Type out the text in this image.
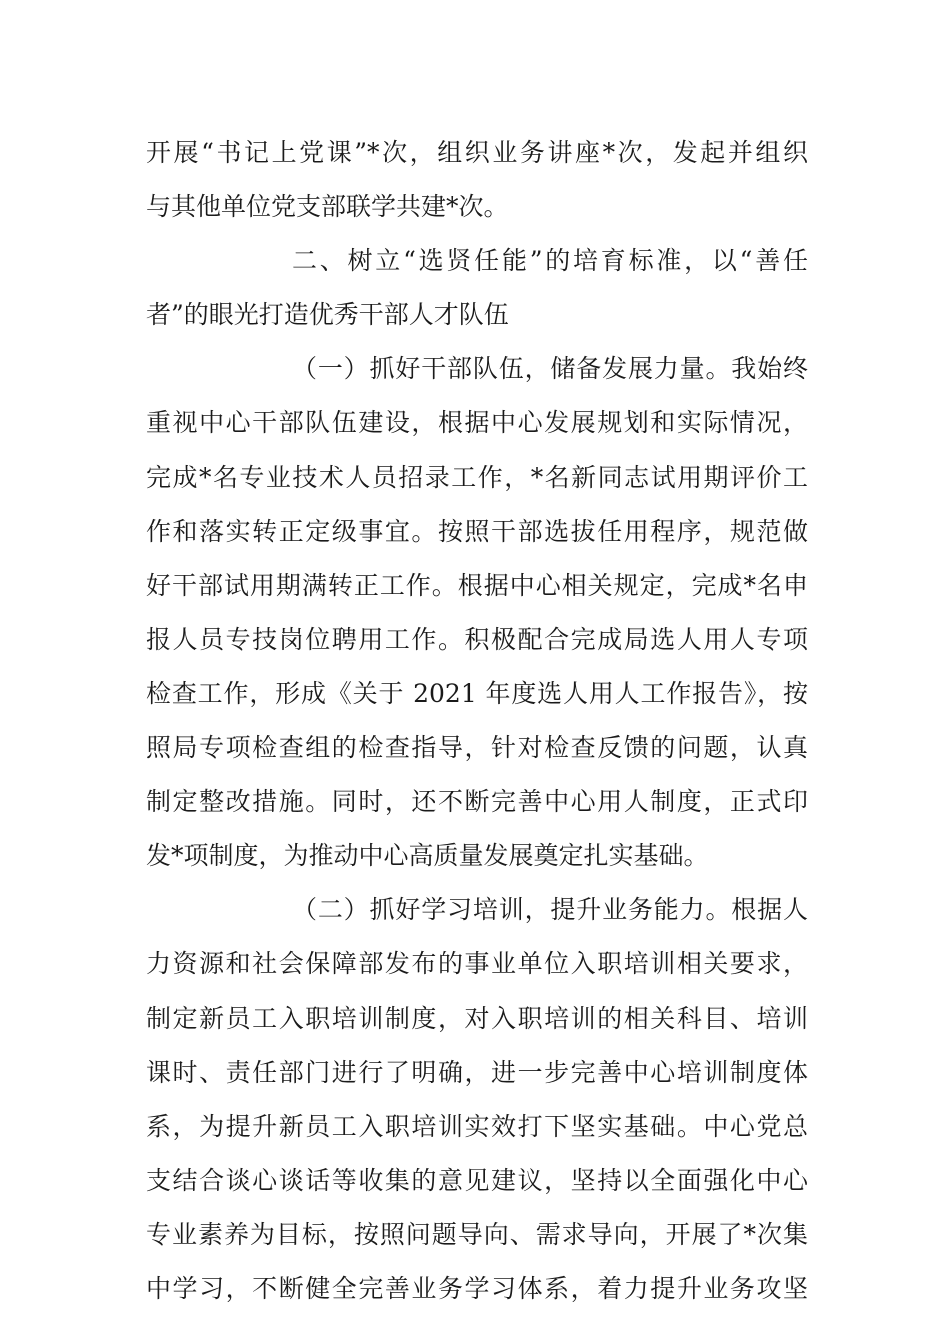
开展“书记上党课”*次，组织业务讲座*次，发起并组织
与其他单位党支部联学共建*次。
二、树立“选贤任能”的培育标准，以“善任
者”的眼光打造优秀干部人才队伍
（一）抓好干部队伍，储备发展力量。我始终
重视中心干部队伍建设，根据中心发展规划和实际情况，
完成*名专业技术人员招录工作，*名新同志试用期评价工
作和落实转正定级事宜。按照干部选拔任用程序，规范做
好干部试用期满转正工作。根据中心相关规定，完成*名申
报人员专技岗位聘用工作。积极配合完成局选人用人专项
检查工作，形成《关于 2021 年度选人用人工作报告》，按
照局专项检查组的检查指导，针对检查反馈的问题，认真
制定整改措施。同时，还不断完善中心用人制度，正式印
发*项制度，为推动中心高质量发展奠定扎实基础。
（二）抓好学习培训，提升业务能力。根据人
力资源和社会保障部发布的事业单位入职培训相关要求，
制定新员工入职培训制度，对入职培训的相关科目、培训
课时、责任部门进行了明确，进一步完善中心培训制度体
系，为提升新员工入职培训实效打下坚实基础。中心党总
支结合谈心谈话等收集的意见建议，坚持以全面强化中心
专业素养为目标，按照问题导向、需求导向，开展了*次集
中学习，不断健全完善业务学习体系，着力提升业务攻坚
